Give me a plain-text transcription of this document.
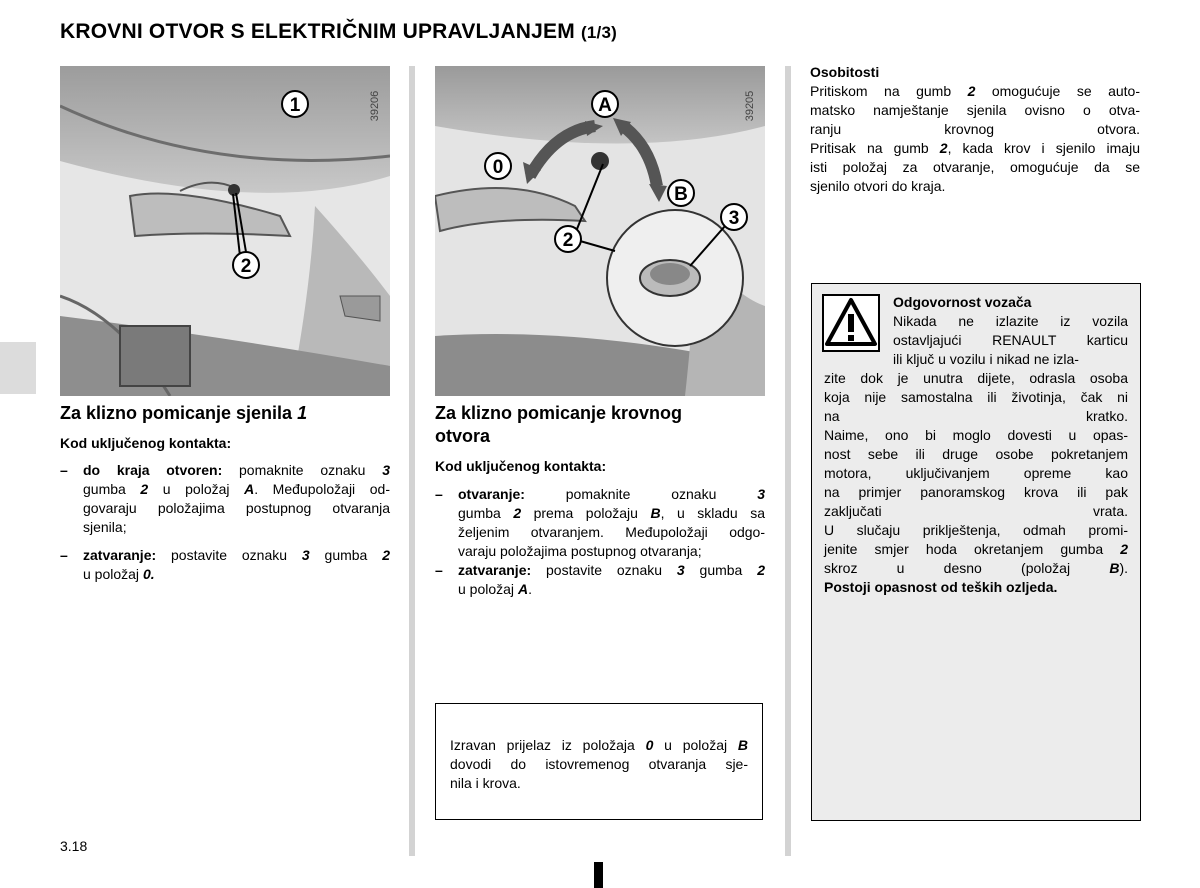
KROVNI OTVOR S ELEKTRIČNIM UPRAVLJANJEM (1/3)
1
2
39206	A
0
B
3
2
39205
Za klizno pomicanje sjenila 1
Kod uključenog kontakta:
– do kraja otvoren: pomaknite oznaku 3
gumba 2 u položaj A. Međupoložaji od-
govaraju položajima postupnog otvaranja
sjenila;
– zatvaranje: postavite oznaku 3 gumba 2
u položaj 0.
Za klizno pomicanje krovnog
otvora
Kod uključenog kontakta:
– otvaranje: pomaknite oznaku 3
gumba 2 prema položaju B, u skladu sa
željenim otvaranjem. Međupoložaji odgo-
varaju položajima postupnog otvaranja;
– zatvaranje: postavite oznaku 3 gumba 2
u položaj A.
Izravan prijelaz iz položaja 0 u položaj B
dovodi do istovremenog otvaranja sje-
nila i krova.
Osobitosti
Pritiskom na gumb 2 omogućuje se auto-
matsko namještanje sjenila ovisno o otva-
ranju krovnog otvora.
Pritisak na gumb 2, kada krov i sjenilo imaju
isti položaj za otvaranje, omogućuje da se
sjenilo otvori do kraja.
Odgovornost vozača
Nikada ne izlazite iz vozila
ostavljajući RENAULT karticu
ili ključ u vozilu i nikad ne izla-
zite dok je unutra dijete, odrasla osoba
koja nije samostalna ili životinja, čak ni
na kratko.
Naime, ono bi moglo dovesti u opas-
nost sebe ili druge osobe pokretanjem
motora, uključivanjem opreme kao
na primjer panoramskog krova ili pak
zaključati vrata.
U slučaju priklještenja, odmah promi-
jenite smjer hoda okretanjem gumba 2
skroz u desno (položaj B).
Postoji opasnost od teških ozljeda.
3.18
